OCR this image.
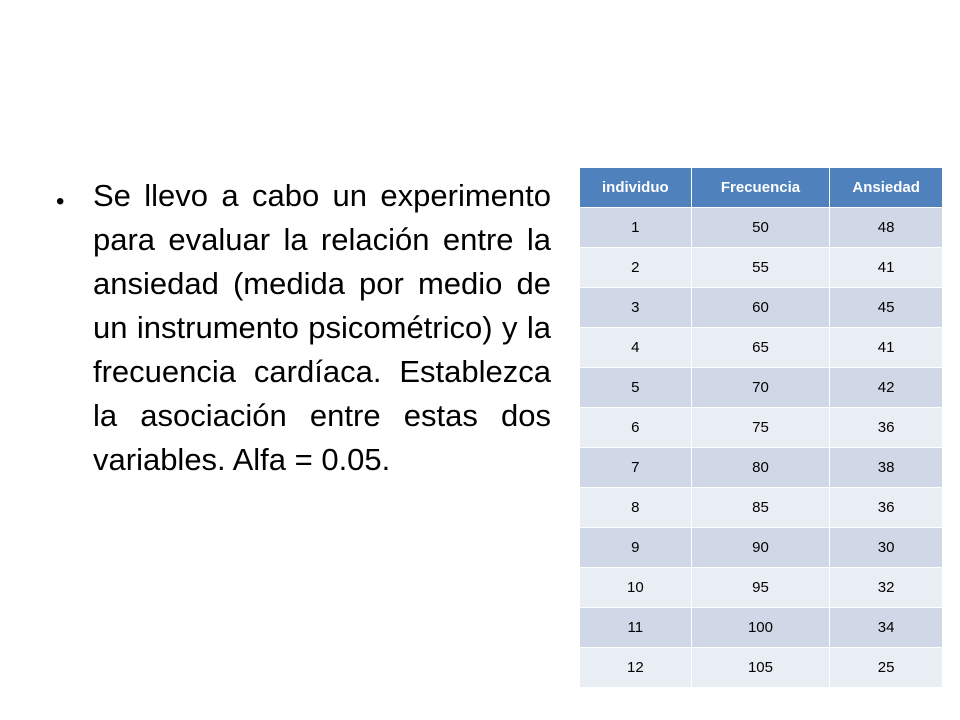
• Se llevo a cabo un experimento para evaluar la relación entre la ansiedad (medida por medio de un instrumento psicométrico) y la frecuencia cardíaca. Establezca la asociación entre estas dos variables. Alfa = 0.05.
individuo	Frecuencia	Ansiedad
1	50	48
2	55	41
3	60	45
4	65	41
5	70	42
6	75	36
7	80	38
8	85	36
9	90	30
10	95	32
11	100	34
12	105	25
